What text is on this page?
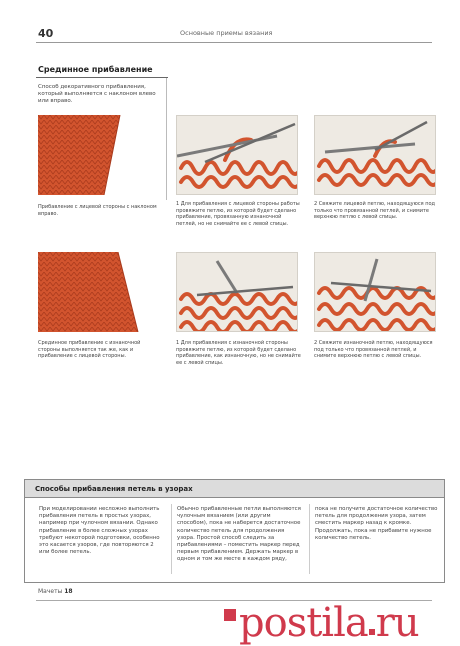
40	Основные приемы вязания
Срединное прибавление
Способ декоративного прибавления, который выполняется с наклоном влево или вправо.
Прибавление с лицевой стороны с наклоном вправо.
1 Для прибавления с лицевой стороны работы провяжите петлю, из которой будет сделано прибавление, провязанную изнаночной петлей, но не снимайте ее с левой спицы.
2 Свяжите лицевой петлю, находящуюся под только что провязанной петлей, и снимите верхнюю петлю с левой спицы.
Срединное прибавление с изнаночной стороны выполняется так же, как и прибавление с лицевой стороны.
1 Для прибавления с изнаночной стороны провяжите петлю, из которой будет сделано прибавление, как изнаночную, но не снимайте ее с левой спицы.
2 Свяжите изнаночной петлю, находящуюся под только что провязанной петлей, и снимите верхнюю петлю с левой спицы.
Способы прибавления петель в узорах
При моделировании несложно выполнить прибавления петель в простых узорах, например при чулочном вязании. Однако прибавление в более сложных узорах требуют некоторой подготовки, особенно это касается узоров, где повторяются 2 или более петель.
Обычно прибавленные петли выполняются чулочным вязанием (или другим способом), пока не наберется достаточное количество петель для продолжения узора. Простой способ следить за прибавлениями – поместить маркер перед первым прибавлением. Держать маркер в одном и том же месте в каждом ряду,
пока не получите достаточное количество петель для продолжения узора, затем сместить маркер назад к кромке. Продолжать, пока не прибавите нужное количество петель.
Мачеты 18
postila ru
